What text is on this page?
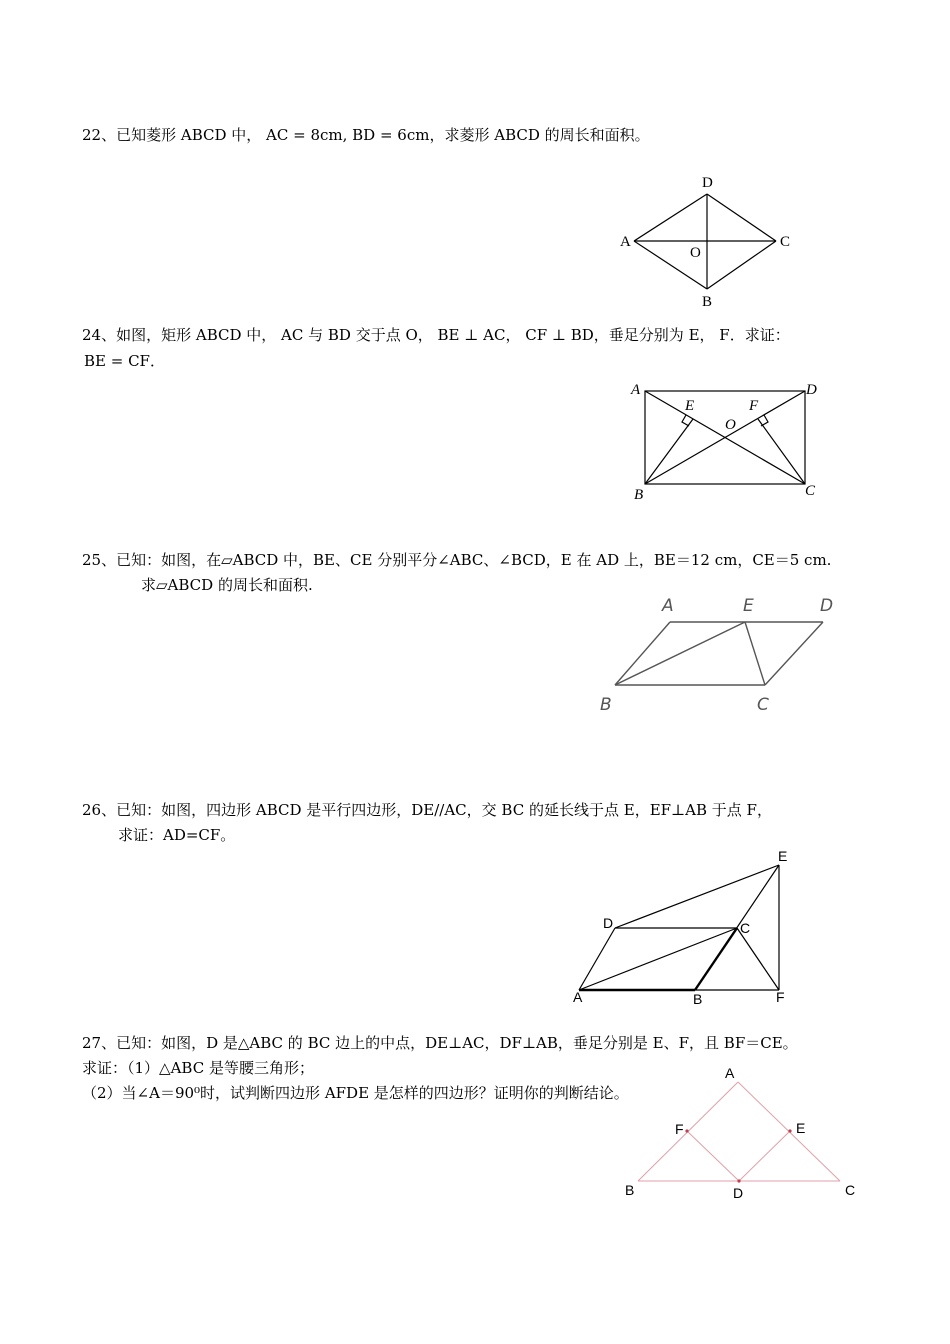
22、已知菱形 ABCD 中， AC = 8cm, BD = 6cm，求菱形 ABCD 的周长和面积。
D
A	C
O
B
24、如图，矩形 ABCD 中， AC 与 BD 交于点 O， BE ⊥ AC， CF ⊥ BD，垂足分别为 E， F．求证：
BE = CF．
A	D
E	F
O
B	C
25、已知：如图，在▱ABCD 中，BE、CE 分别平分∠ABC、∠BCD，E 在 AD 上，BE＝12 cm，CE＝5 cm.
求▱ABCD 的周长和面积.
A	E	D
B	C
26、已知：如图，四边形 ABCD 是平行四边形，DE//AC，交 BC 的延长线于点 E，EF⊥AB 于点 F，
求证：AD=CF。
E
D	C
A	B	F
27、已知：如图，D 是△ABC 的 BC 边上的中点，DE⊥AC，DF⊥AB，垂足分别是 E、F，且 BF＝CE。
求证：（1）△ABC 是等腰三角形；
（2）当∠A＝90⁰时，试判断四边形 AFDE 是怎样的四边形？证明你的判断结论。
A
F	E
B	D	C
